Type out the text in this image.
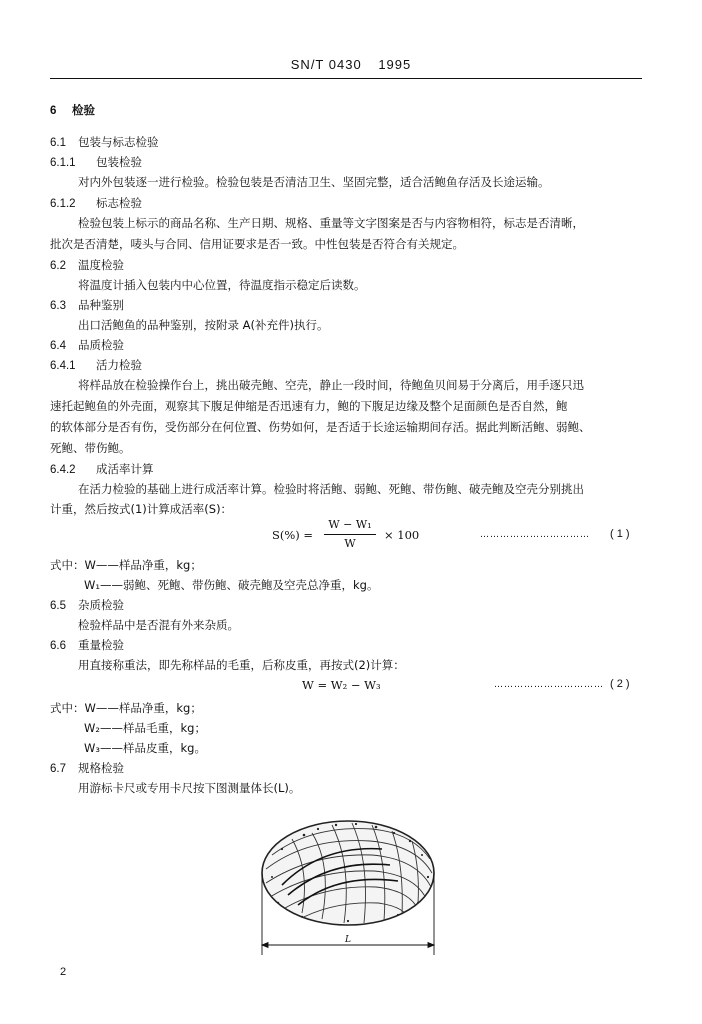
SN/T 0430 1995
6 检验
6.1 包装与标志检验
6.1.1 包装检验
对内外包装逐一进行检验。检验包装是否清洁卫生、坚固完整，适合活鲍鱼存活及长途运输。
6.1.2 标志检验
检验包装上标示的商品名称、生产日期、规格、重量等文字图案是否与内容物相符，标志是否清晰，
批次是否清楚，唛头与合同、信用证要求是否一致。中性包装是否符合有关规定。
6.2 温度检验
将温度计插入包装内中心位置，待温度指示稳定后读数。
6.3 品种鉴别
出口活鲍鱼的品种鉴别，按附录 A(补充件)执行。
6.4 品质检验
6.4.1 活力检验
将样品放在检验操作台上，挑出破壳鲍、空壳，静止一段时间，待鲍鱼贝间易于分离后，用手逐只迅
速托起鲍鱼的外壳面，观察其下腹足伸缩是否迅速有力，鲍的下腹足边缘及整个足面颜色是否自然，鲍
的软体部分是否有伤，受伤部分在何位置、伤势如何，是否适于长途运输期间存活。据此判断活鲍、弱鲍、
死鲍、带伤鲍。
6.4.2 成活率计算
在活力检验的基础上进行成活率计算。检验时将活鲍、弱鲍、死鲍、带伤鲍、破壳鲍及空壳分别挑出
计重，然后按式(1)计算成活率(S)：
S(%) =
W − W₁
W
× 100	…………………………… ( 1 )
式中：W——样品净重，kg；
W₁——弱鲍、死鲍、带伤鲍、破壳鲍及空壳总净重，kg。
6.5 杂质检验
检验样品中是否混有外来杂质。
6.6 重量检验
用直接称重法，即先称样品的毛重，后称皮重，再按式(2)计算：
W = W₂ − W₃	…………………………… ( 2 )
式中：W——样品净重，kg；
W₂——样品毛重，kg；
W₃——样品皮重，kg。
6.7 规格检验
用游标卡尺或专用卡尺按下图测量体长(L)。
L
2
